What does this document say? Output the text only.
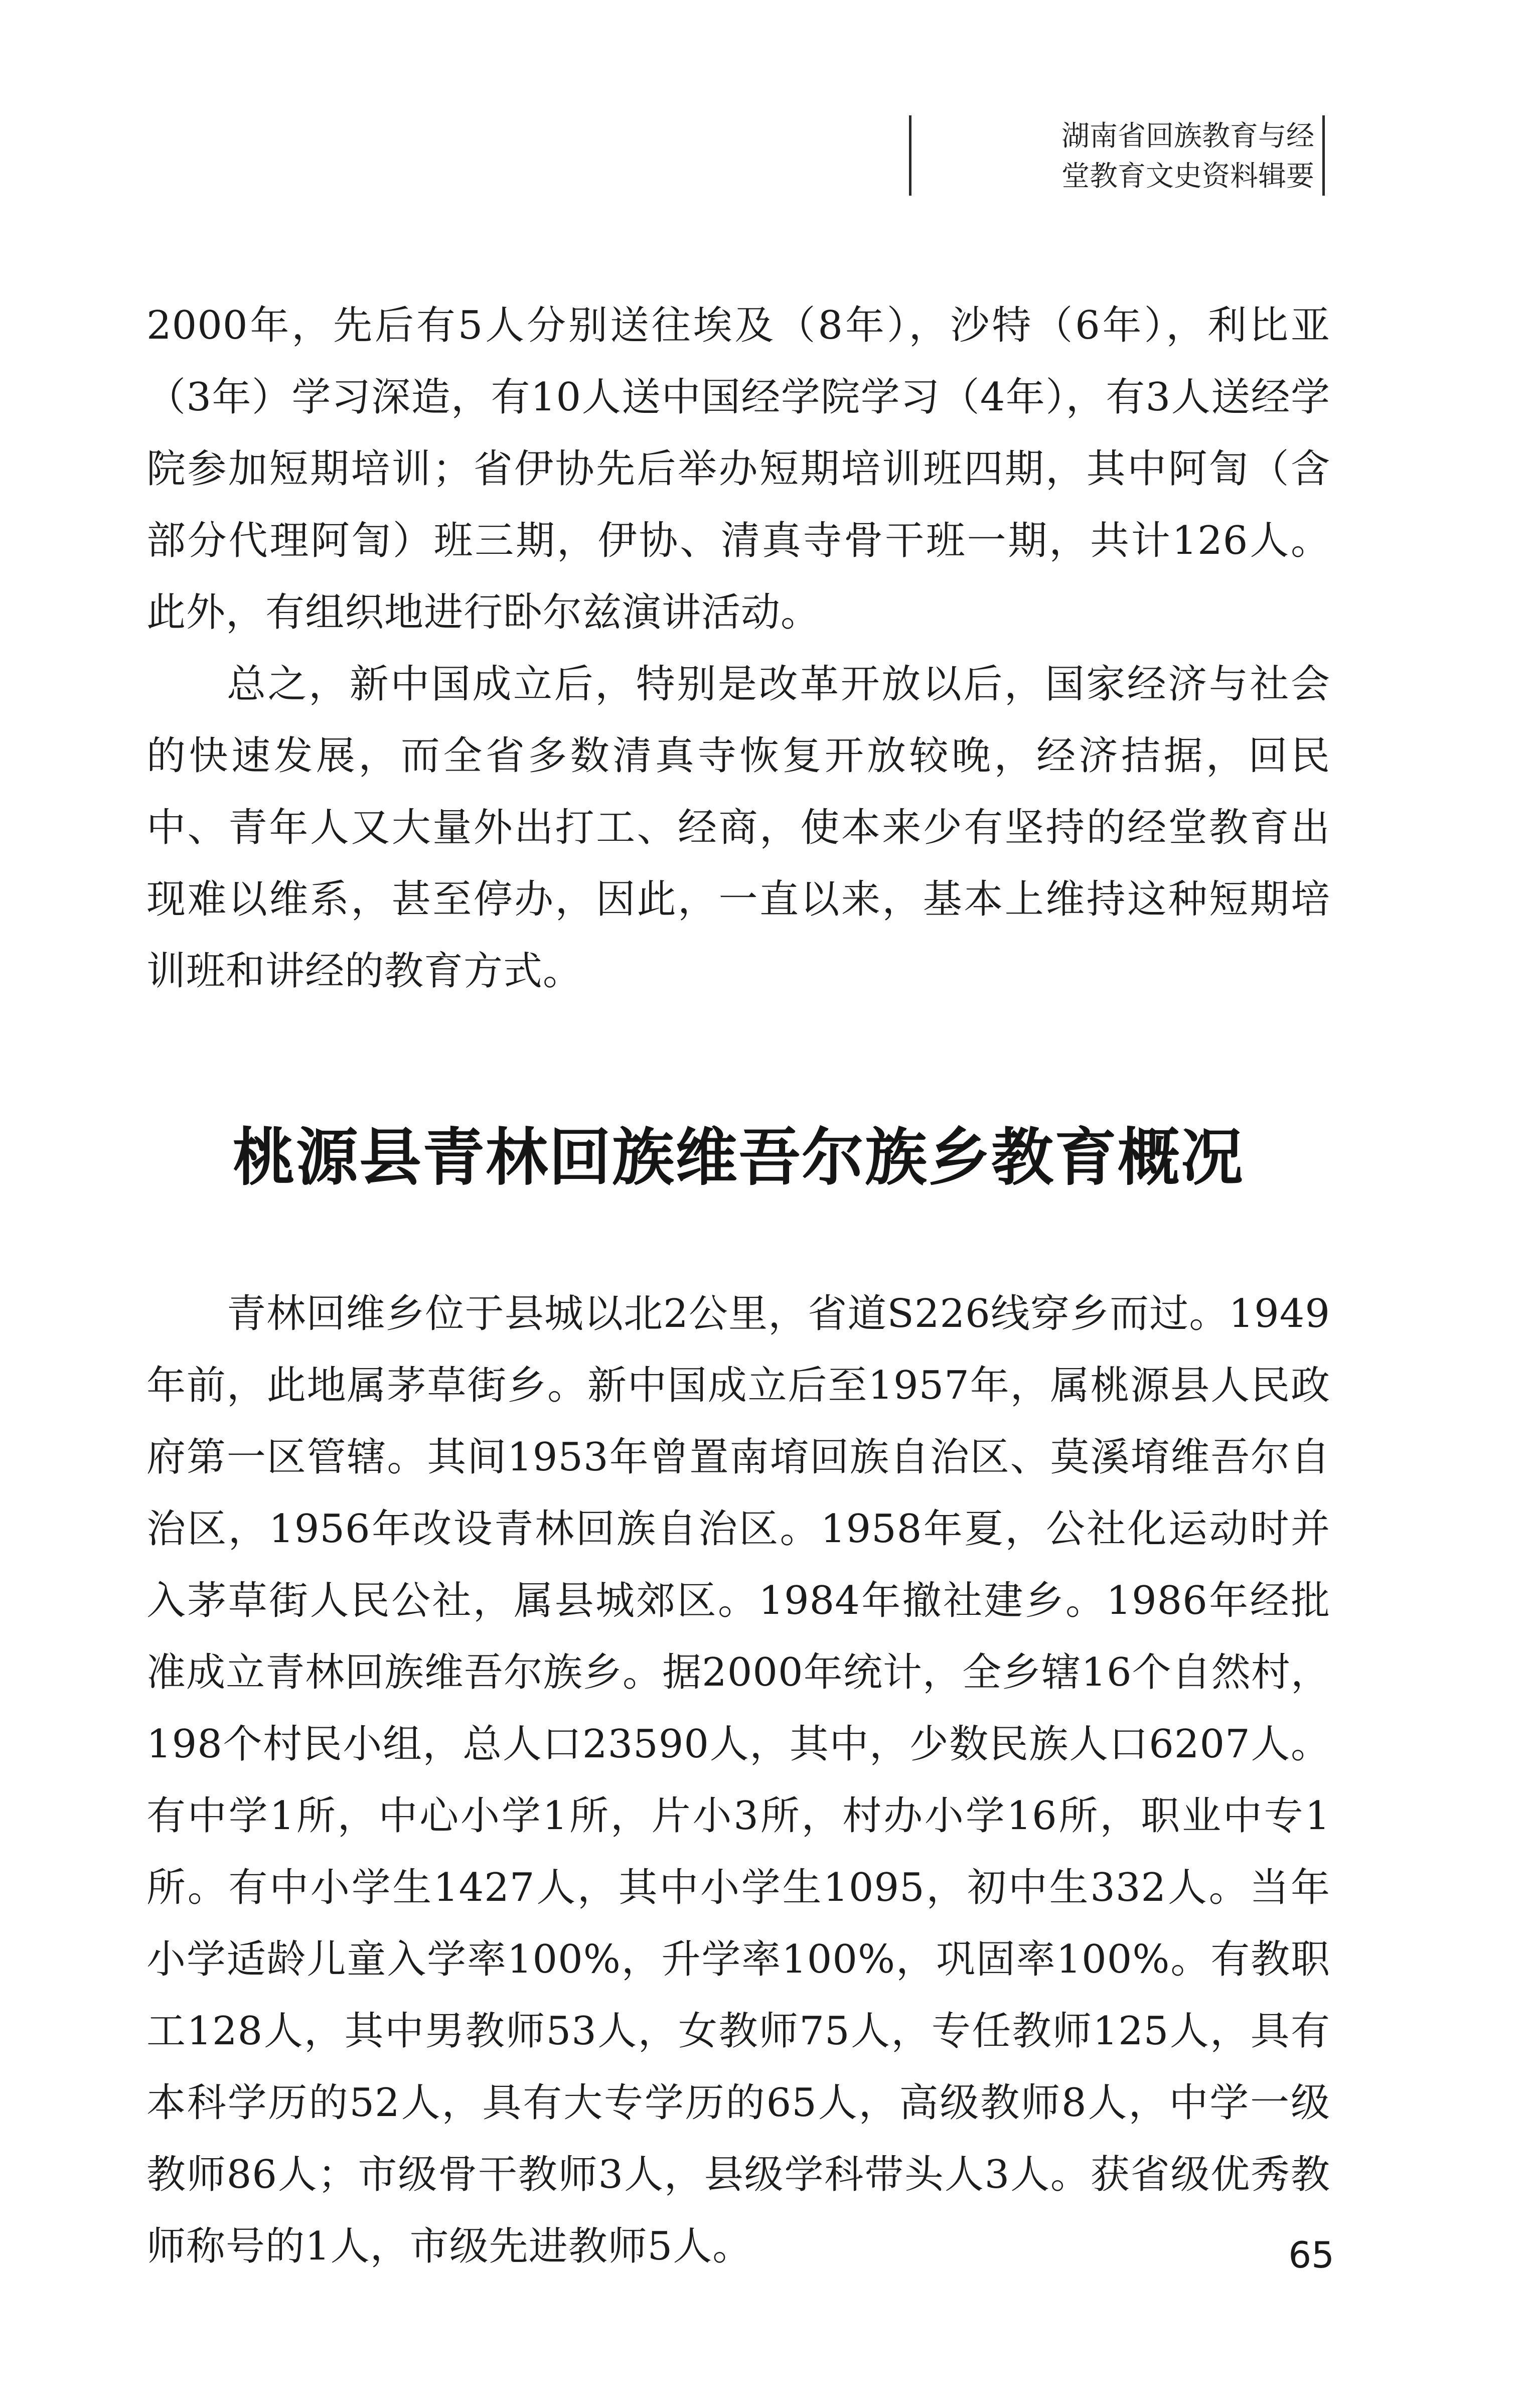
湖南省回族教育与经
堂教育文史资料辑要

2000年，先后有5人分别送往埃及（8年），沙特（6年），利比亚（3年）学习深造，有10人送中国经学院学习（4年），有3人送经学院参加短期培训；省伊协先后举办短期培训班四期，其中阿訇（含部分代理阿訇）班三期，伊协、清真寺骨干班一期，共计126人。此外，有组织地进行卧尔兹演讲活动。

总之，新中国成立后，特别是改革开放以后，国家经济与社会的快速发展，而全省多数清真寺恢复开放较晚，经济拮据，回民中、青年人又大量外出打工、经商，使本来少有坚持的经堂教育出现难以维系，甚至停办，因此，一直以来，基本上维持这种短期培训班和讲经的教育方式。

桃源县青林回族维吾尔族乡教育概况

青林回维乡位于县城以北2公里，省道S226线穿乡而过。1949年前，此地属茅草街乡。新中国成立后至1957年，属桃源县人民政府第一区管辖。其间1953年曾置南堉回族自治区、莫溪堉维吾尔自治区，1956年改设青林回族自治区。1958年夏，公社化运动时并入茅草街人民公社，属县城郊区。1984年撤社建乡。1986年经批准成立青林回族维吾尔族乡。据2000年统计，全乡辖16个自然村，198个村民小组，总人口23590人，其中，少数民族人口6207人。有中学1所，中心小学1所，片小3所，村办小学16所，职业中专1所。有中小学生1427人，其中小学生1095，初中生332人。当年小学适龄儿童入学率100%，升学率100%，巩固率100%。有教职工128人，其中男教师53人，女教师75人，专任教师125人，具有本科学历的52人，具有大专学历的65人，高级教师8人，中学一级教师86人；市级骨干教师3人，县级学科带头人3人。获省级优秀教师称号的1人，市级先进教师5人。	65
